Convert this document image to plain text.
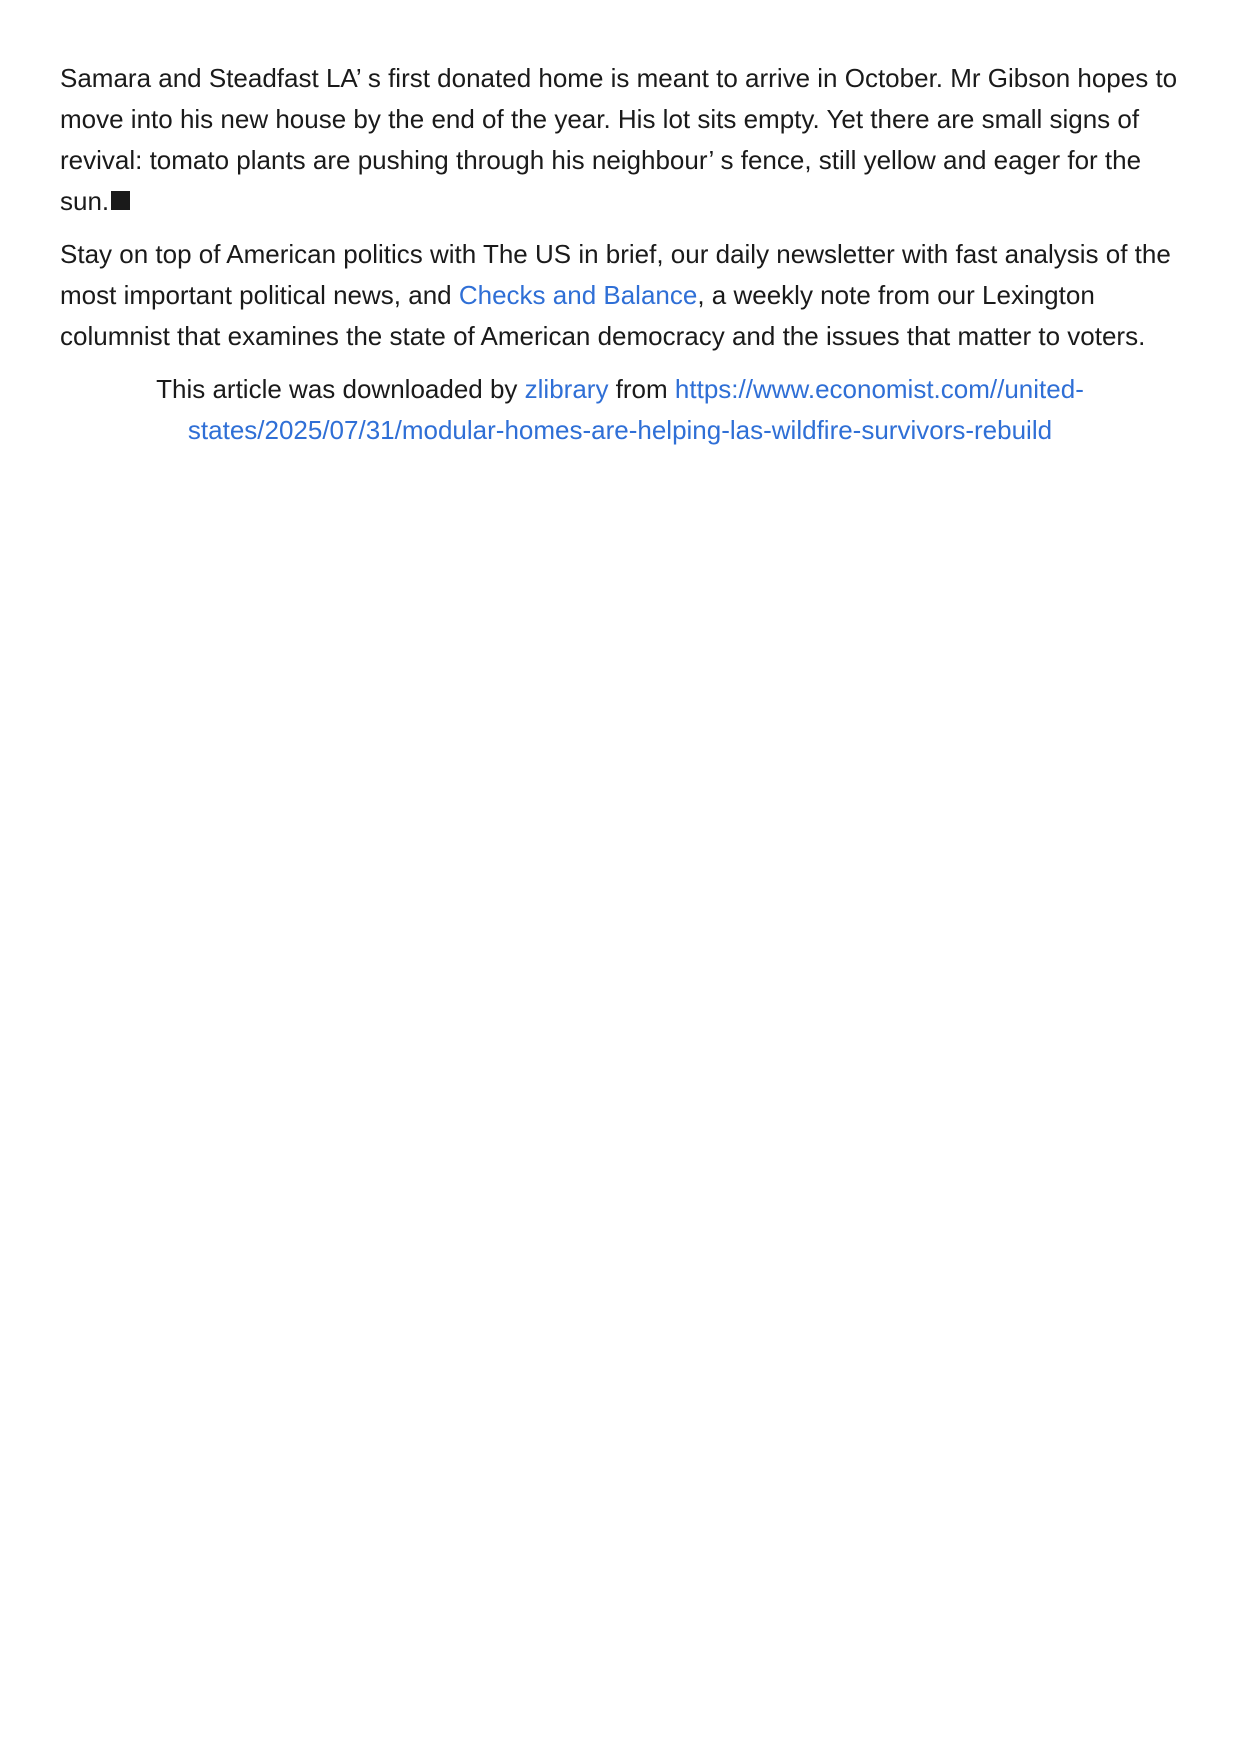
Samara and Steadfast LA’ s first donated home is meant to arrive in October. Mr Gibson hopes to move into his new house by the end of the year. His lot sits empty. Yet there are small signs of revival: tomato plants are pushing through his neighbour’ s fence, still yellow and eager for the sun.

Stay on top of American politics with The US in brief, our daily newsletter with fast analysis of the most important political news, and Checks and Balance, a weekly note from our Lexington columnist that examines the state of American democracy and the issues that matter to voters.

This article was downloaded by zlibrary from https://www.economist.com//united-states/2025/07/31/modular-homes-are-helping-las-wildfire-survivors-rebuild
